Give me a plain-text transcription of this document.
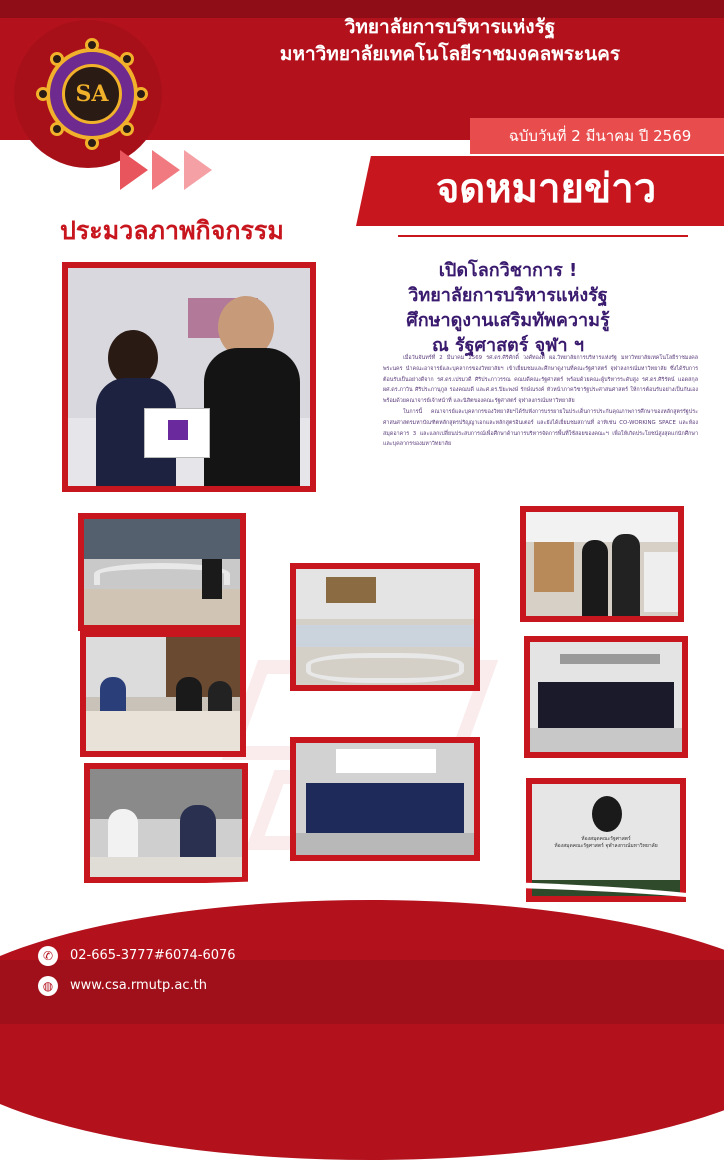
SA
วิทยาลัยการบริหารแห่งรัฐ
มหาวิทยาลัยเทคโนโลยีราชมงคลพระนคร
ฉบับวันที่ 2 มีนาคม ปี 2569
จดหมายข่าว
ประมวลภาพกิจกรรม
เปิดโลกวิชาการ !
วิทยาลัยการบริหารแห่งรัฐ
ศึกษาดูงานเสริมทัพความรู้
ณ รัฐศาสตร์ จุฬา ฯ

เมื่อวันจันทร์ที่ 2 มีนาคม 2569 รศ.ดร.ศิริศักดิ์ วงศ์ทองดี ผอ.วิทยาลัยการบริหารแห่งรัฐ มหาวิทยาลัยเทคโนโลยีราชมงคลพระนคร นำคณะอาจารย์และบุคลากรของวิทยาลัยฯ เข้าเยี่ยมชมและศึกษาดูงานที่คณะรัฐศาสตร์ จุฬาลงกรณ์มหาวิทยาลัย ซึ่งได้รับการต้อนรับเป็นอย่างดีจาก รศ.ดร.เปรมวดี ศิริประภาวรรณ คณบดีคณะรัฐศาสตร์ พร้อมด้วยคณะผู้บริหารระดับสูง รศ.ดร.ศิริรัตน์ แอดสกุล ผศ.ดร.ภาวิน ศิริประภานุกูล รองคณบดี และศ.ดร.ปิยะพงษ์ รักษ์ณรงค์ หัวหน้าภาควิชารัฐประศาสนศาสตร์ ให้การต้อนรับอย่างเป็นกันเอง พร้อมด้วยคณาจารย์เจ้าหน้าที่ และนิสิตของคณะรัฐศาสตร์ จุฬาลงกรณ์มหาวิทยาลัย

ในการนี้ คณาจารย์และบุคลากรของวิทยาลัยฯได้รับฟังการบรรยายในประเด็นการประกันคุณภาพการศึกษาของหลักสูตรรัฐประศาสนศาสตรมหาบัณฑิตหลักสูตรปริญญาเอกและหลักสูตรอินเตอร์ และยังได้เยี่ยมชมสถานที่ อาทิเช่น CO-WORKING SPACE และห้องสมุดอาคาร 3 และแลกเปลี่ยนประสบการณ์เพื่อศึกษาด้านการบริหารจัดการพื้นที่ใช้สอยของคณะฯ เพื่อให้เกิดประโยชน์สูงสุดแก่นักศึกษาและบุคลากรของมหาวิทยาลัย

ห้องสมุดคณะรัฐศาสตร์
ห้องสมุดคณะรัฐศาสตร์ จุฬาลงกรณ์มหาวิทยาลัย
✆	02-665-3777#6074-6076
◍	www.csa.rmutp.ac.th
